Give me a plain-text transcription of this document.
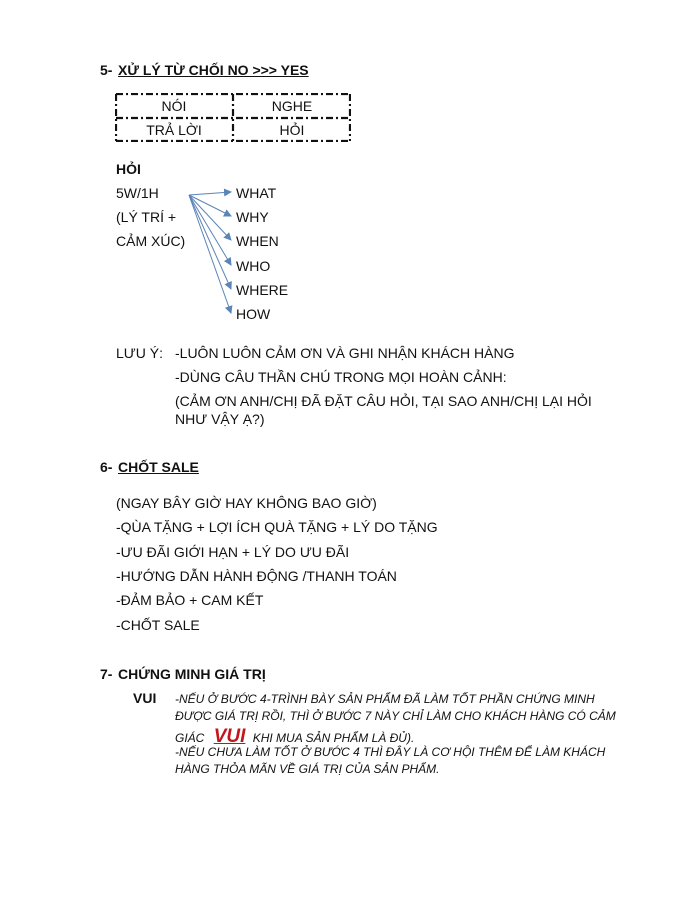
5- XỬ LÝ TỪ CHỐI NO >>> YES
NÓI	NGHE
TRẢ LỜI	HỎI
HỎI
5W/1H
(LÝ TRÍ +
CẢM XÚC)
WHAT
WHY
WHEN
WHO
WHERE
HOW
LƯU Ý: -LUÔN LUÔN CẢM ƠN VÀ GHI NHẬN KHÁCH HÀNG
-DÙNG CÂU THẦN CHÚ TRONG MỌI HOÀN CẢNH:
(CẢM ƠN ANH/CHỊ ĐÃ ĐẶT CÂU HỎI, TẠI SAO ANH/CHỊ LẠI HỎI
NHƯ VẬY Ạ?)
6- CHỐT SALE
(NGAY BÂY GIỜ HAY KHÔNG BAO GIỜ)
-QÙA TẶNG + LỢI ÍCH QUÀ TẶNG + LÝ DO TẶNG
-ƯU ĐÃI GIỚI HẠN + LÝ DO ƯU ĐÃI
-HƯỚNG DẪN HÀNH ĐỘNG /THANH TOÁN
-ĐẢM BẢO + CAM KẾT
-CHỐT SALE
7- CHỨNG MINH GIÁ TRỊ
VUI -NẾU Ở BƯỚC 4-TRÌNH BÀY SẢN PHẨM ĐÃ LÀM TỐT PHẦN CHỨNG MINH
ĐƯỢC GIÁ TRỊ RỒI, THÌ Ở BƯỚC 7 NÀY CHỈ LÀM CHO KHÁCH HÀNG CÓ CẢM
GIÁC VUI KHI MUA SẢN PHẨM LÀ ĐỦ).
-NẾU CHƯA LÀM TỐT Ở BƯỚC 4 THÌ ĐÂY LÀ CƠ HỘI THÊM ĐỂ LÀM KHÁCH
HÀNG THỎA MÃN VỀ GIÁ TRỊ CỦA SẢN PHẨM.
